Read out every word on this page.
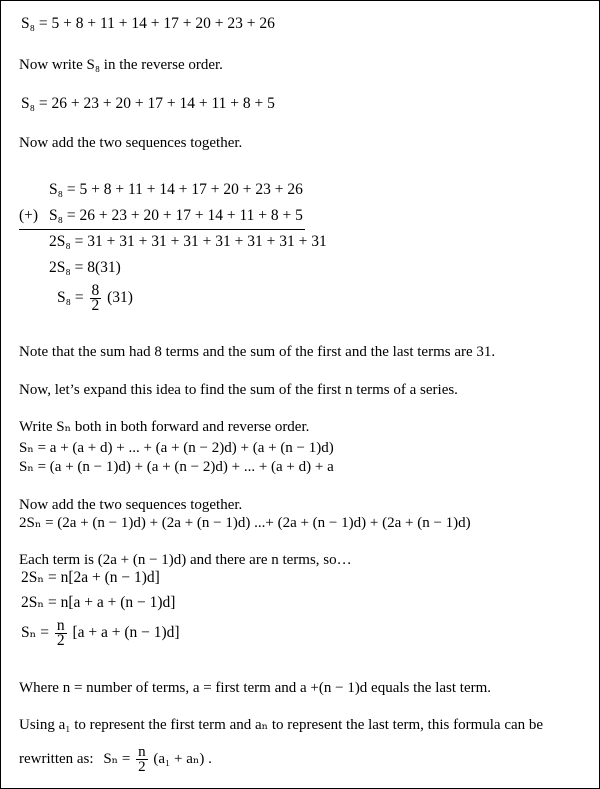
S₈ = 5 + 8 + 11 + 14 + 17 + 20 + 23 + 26
Now write S₈ in the reverse order.
S₈ = 26 + 23 + 20 + 17 + 14 + 11 + 8 + 5
Now add the two sequences together.
S₈ = 5 + 8 + 11 + 14 + 17 + 20 + 23 + 26
(+) S₈ = 26 + 23 + 20 + 17 + 14 + 11 + 8 + 5
2S₈ = 31 + 31 + 31 + 31 + 31 + 31 + 31 + 31
2S₈ = 8(31)
$S_8 = \frac{8}{2} (31)$
Note that the sum had 8 terms and the sum of the first and the last terms are 31.
Now, let’s expand this idea to find the sum of the first n terms of a series.
Write Sₙ both in both forward and reverse order.
Sₙ = a + (a + d) + ... + (a + (n − 2)d) + (a + (n − 1)d)
Sₙ = (a + (n − 1)d) + (a + (n − 2)d) + ... + (a + d) + a
Now add the two sequences together.
2Sₙ = (2a + (n − 1)d) + (2a + (n − 1)d) ...+ (2a + (n − 1)d) + (2a + (n − 1)d)
Each term is (2a + (n − 1)d) and there are n terms, so…
2Sₙ = n[2a + (n − 1)d]
2Sₙ = n[a + a + (n − 1)d]
$S_n = \frac{n}{2} [a + a + (n - 1)d]$
Where n = number of terms, a = first term and a +(n − 1)d equals the last term.
Using a₁ to represent the first term and aₙ to represent the last term, this formula can be
rewritten as: $S_n = \frac{n}{2} (a_1 + a_n)$ .
